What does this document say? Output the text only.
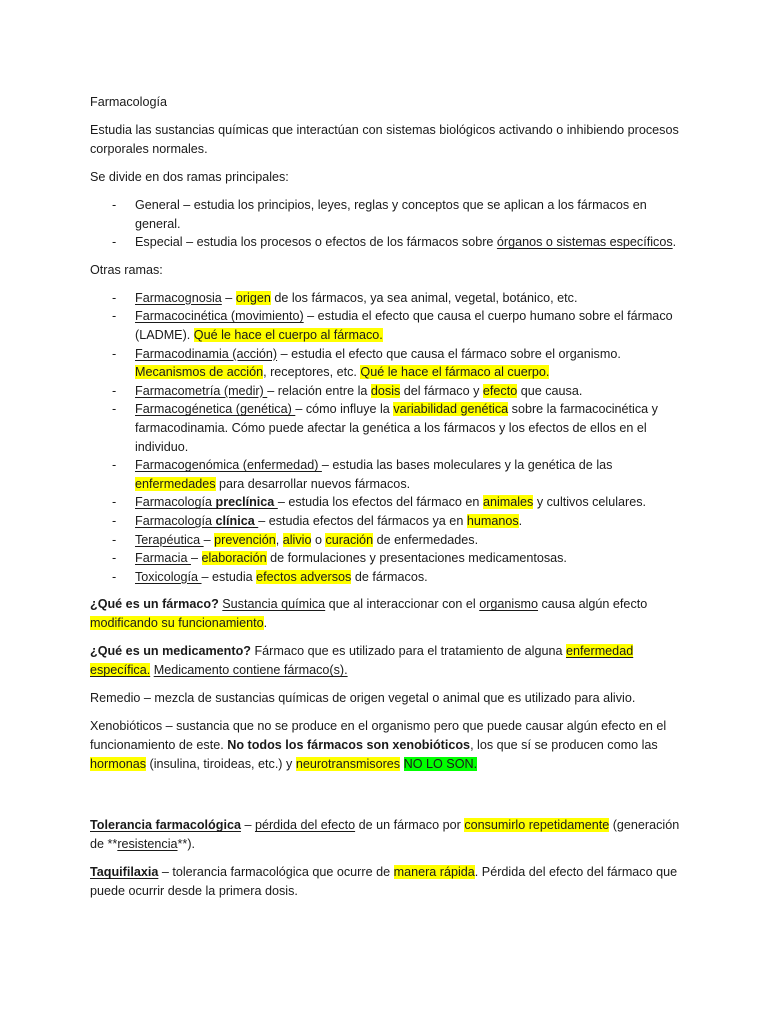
Farmacología

Estudia las sustancias químicas que interactúan con sistemas biológicos activando o inhibiendo procesos corporales normales.

Se divide en dos ramas principales:

- General – estudia los principios, leyes, reglas y conceptos que se aplican a los fármacos en general.
- Especial – estudia los procesos o efectos de los fármacos sobre órganos o sistemas específicos.

Otras ramas:

- Farmacognosia – origen de los fármacos, ya sea animal, vegetal, botánico, etc.
- Farmacocinética (movimiento) – estudia el efecto que causa el cuerpo humano sobre el fármaco (LADME). Qué le hace el cuerpo al fármaco.
- Farmacodinamia (acción) – estudia el efecto que causa el fármaco sobre el organismo. Mecanismos de acción, receptores, etc. Qué le hace el fármaco al cuerpo.
- Farmacometría (medir) – relación entre la dosis del fármaco y efecto que causa.
- Farmacogénetica (genética) – cómo influye la variabilidad genética sobre la farmacocinética y farmacodinamia. Cómo puede afectar la genética a los fármacos y los efectos de ellos en el individuo.
- Farmacogenómica (enfermedad) – estudia las bases moleculares y la genética de las enfermedades para desarrollar nuevos fármacos.
- Farmacología preclínica – estudia los efectos del fármaco en animales y cultivos celulares.
- Farmacología clínica – estudia efectos del fármacos ya en humanos.
- Terapéutica – prevención, alivio o curación de enfermedades.
- Farmacia – elaboración de formulaciones y presentaciones medicamentosas.
- Toxicología – estudia efectos adversos de fármacos.

¿Qué es un fármaco? Sustancia química que al interaccionar con el organismo causa algún efecto modificando su funcionamiento.

¿Qué es un medicamento? Fármaco que es utilizado para el tratamiento de alguna enfermedad específica. Medicamento contiene fármaco(s).

Remedio – mezcla de sustancias químicas de origen vegetal o animal que es utilizado para alivio.

Xenobióticos – sustancia que no se produce en el organismo pero que puede causar algún efecto en el funcionamiento de este. No todos los fármacos son xenobióticos, los que sí se producen como las hormonas (insulina, tiroideas, etc.) y neurotransmisores NO LO SON.

Tolerancia farmacológica – pérdida del efecto de un fármaco por consumirlo repetidamente (generación de **resistencia**).

Taquifilaxia – tolerancia farmacológica que ocurre de manera rápida. Pérdida del efecto del fármaco que puede ocurrir desde la primera dosis.
